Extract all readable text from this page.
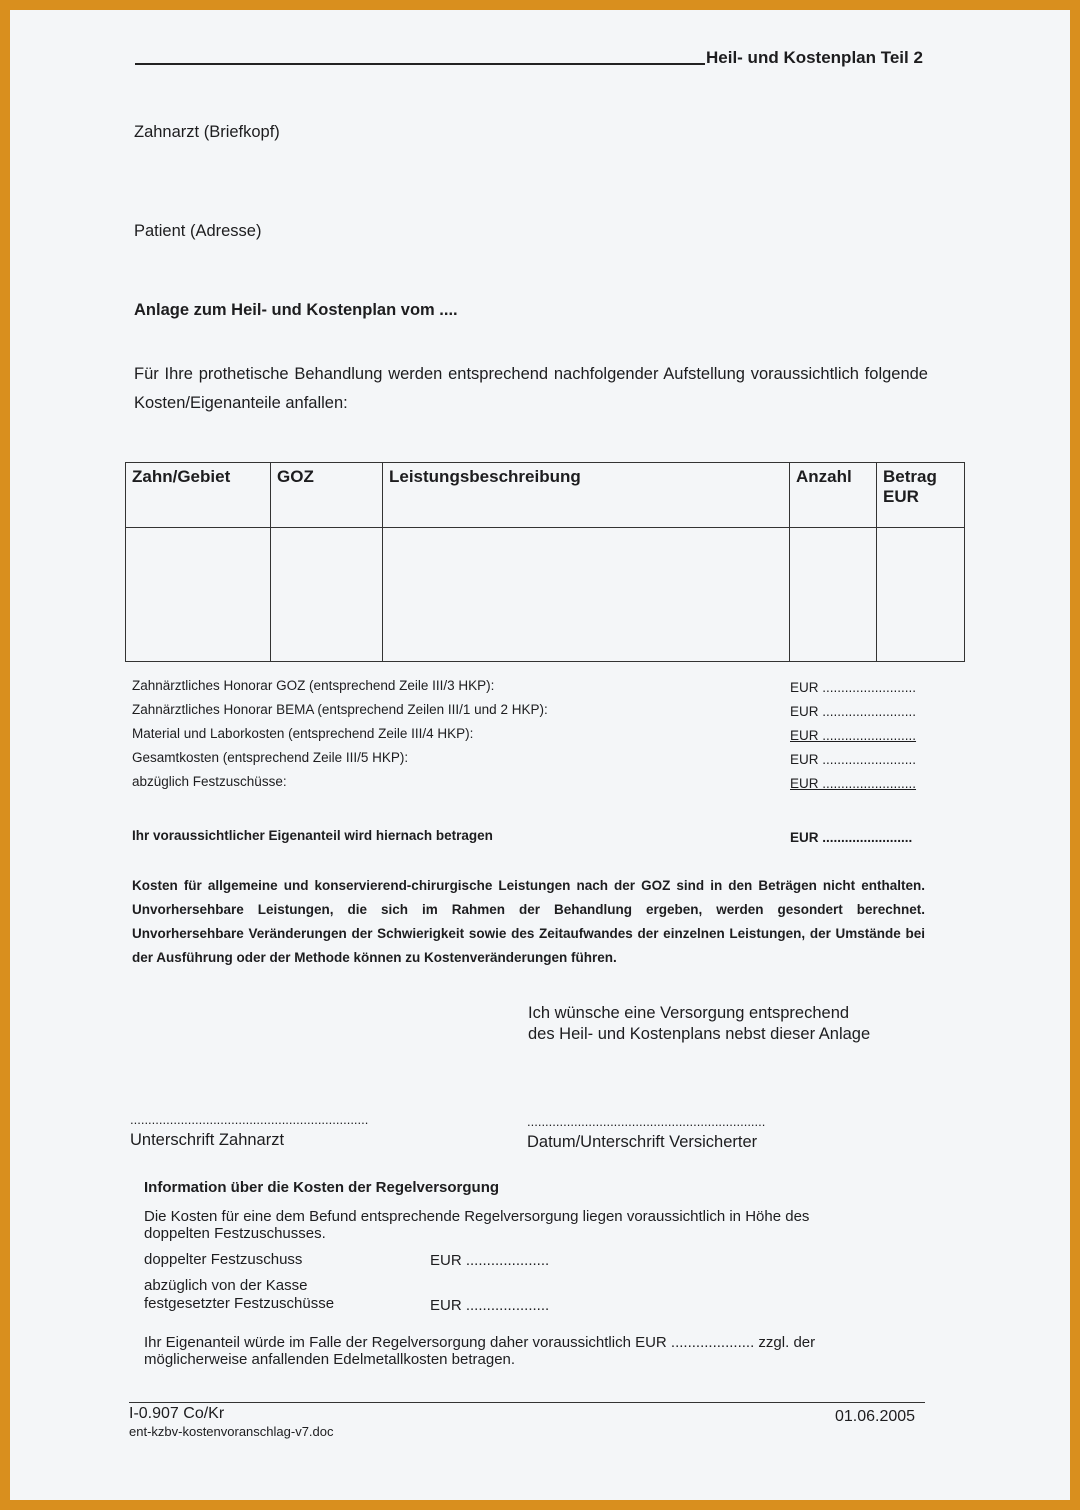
Heil- und Kostenplan Teil 2
Zahnarzt (Briefkopf)
Patient (Adresse)
Anlage zum Heil- und Kostenplan vom ....
Für Ihre prothetische Behandlung werden entsprechend nachfolgender Aufstellung voraussichtlich folgende Kosten/Eigenanteile anfallen:
Zahn/Gebiet	GOZ	Leistungsbeschreibung	Anzahl	Betrag EUR

Zahnärztliches Honorar GOZ (entsprechend Zeile III/3 HKP):	EUR .........................
Zahnärztliches Honorar BEMA (entsprechend Zeilen III/1 und 2 HKP):	EUR .........................
Material und Laborkosten (entsprechend Zeile III/4 HKP):	EUR .........................
Gesamtkosten (entsprechend Zeile III/5 HKP):	EUR .........................
abzüglich Festzuschüsse:	EUR .........................
Ihr voraussichtlicher Eigenanteil wird hiernach betragen	EUR ........................
Kosten für allgemeine und konservierend-chirurgische Leistungen nach der GOZ sind in den Beträgen nicht enthalten. Unvorhersehbare Leistungen, die sich im Rahmen der Behandlung ergeben, werden gesondert berechnet. Unvorhersehbare Veränderungen der Schwierigkeit sowie des Zeitaufwandes der einzelnen Leistungen, der Umstände bei der Ausführung oder der Methode können zu Kostenveränderungen führen.
Ich wünsche eine Versorgung entsprechend
des Heil- und Kostenplans nebst dieser Anlage
..................................................................
Unterschrift Zahnarzt
..................................................................
Datum/Unterschrift Versicherter
Information über die Kosten der Regelversorgung
Die Kosten für eine dem Befund entsprechende Regelversorgung liegen voraussichtlich in Höhe des
doppelten Festzuschusses.
doppelter Festzuschuss	EUR ....................
abzüglich von der Kasse
festgesetzter Festzuschüsse	EUR ....................
Ihr Eigenanteil würde im Falle der Regelversorgung daher voraussichtlich EUR .................... zzgl. der
möglicherweise anfallenden Edelmetallkosten betragen.
I-0.907 Co/Kr
ent-kzbv-kostenvoranschlag-v7.doc
01.06.2005
